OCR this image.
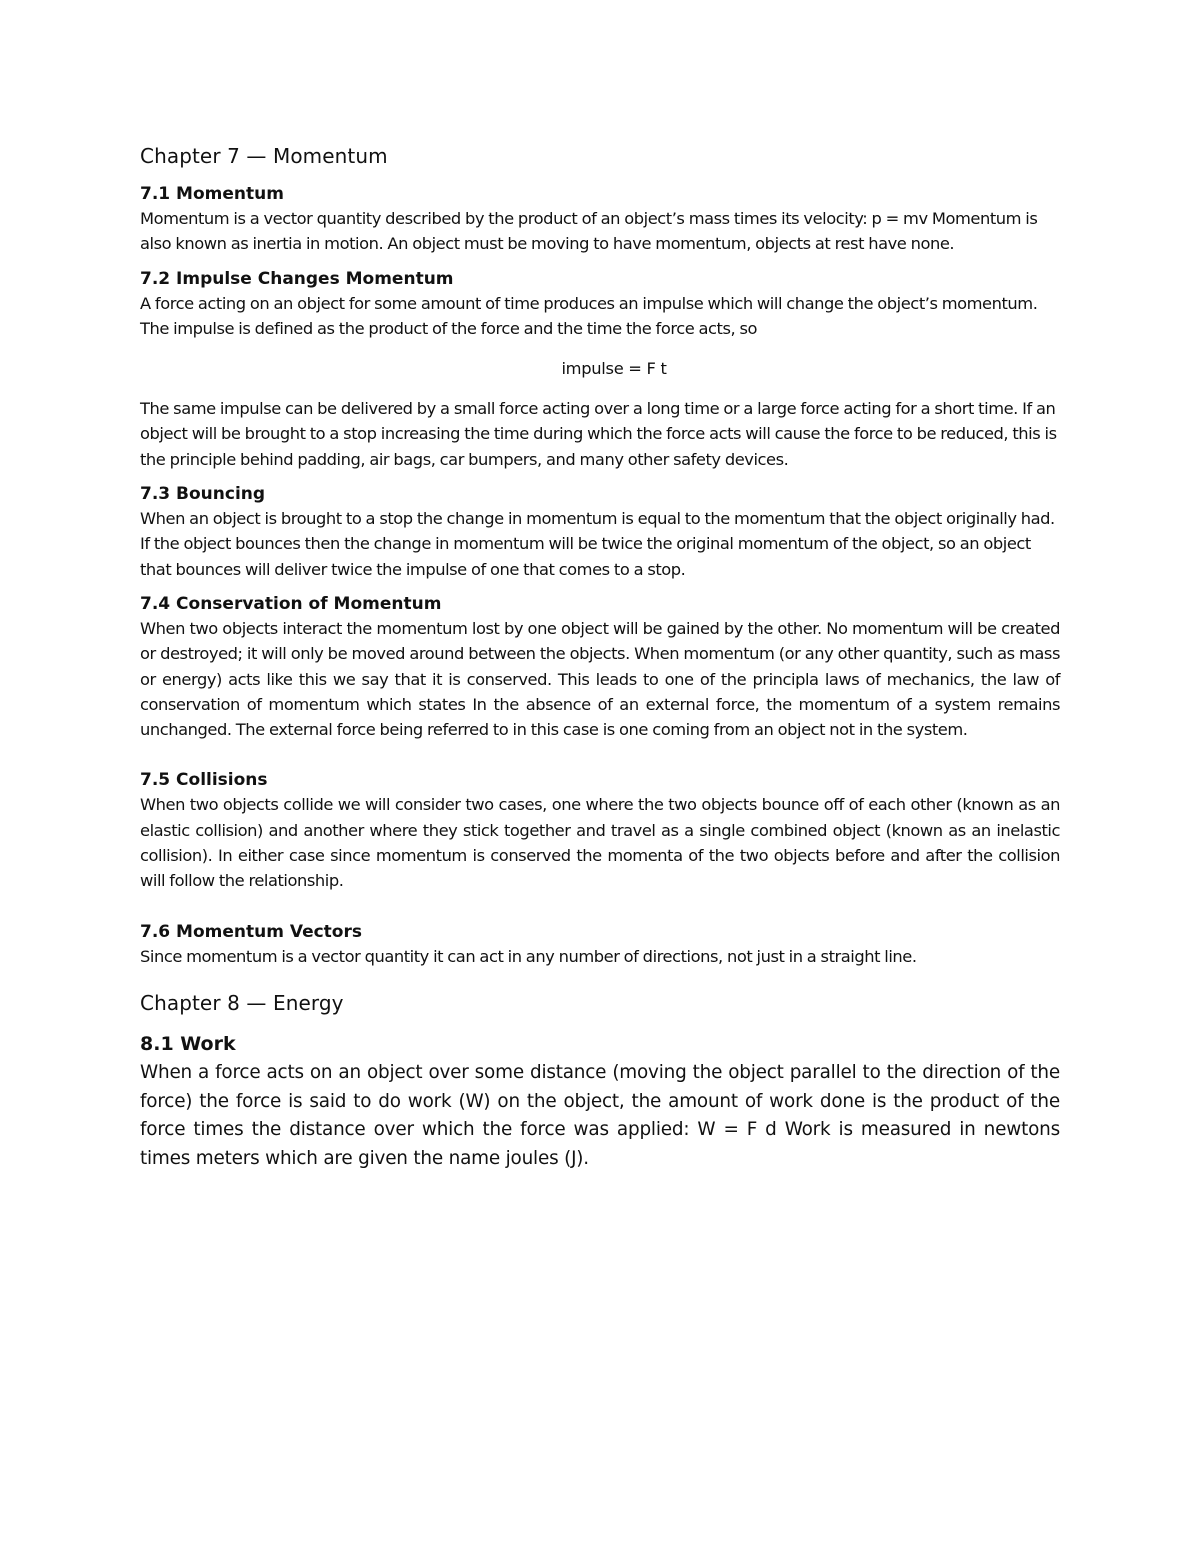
Chapter 7 — Momentum
7.1 Momentum

Momentum is a vector quantity described by the product of an object’s mass times its velocity: p = mv Momentum is also known as inertia in motion. An object must be moving to have momentum, objects at rest have none.

7.2 Impulse Changes Momentum

A force acting on an object for some amount of time produces an impulse which will change the object’s momentum. The impulse is defined as the product of the force and the time the force acts, so

impulse = F t

The same impulse can be delivered by a small force acting over a long time or a large force acting for a short time. If an object will be brought to a stop increasing the time during which the force acts will cause the force to be reduced, this is the principle behind padding, air bags, car bumpers, and many other safety devices.

7.3 Bouncing

When an object is brought to a stop the change in momentum is equal to the momentum that the object originally had. If the object bounces then the change in momentum will be twice the original momentum of the object, so an object that bounces will deliver twice the impulse of one that comes to a stop.

7.4 Conservation of Momentum

When two objects interact the momentum lost by one object will be gained by the other. No momentum will be created or destroyed; it will only be moved around between the objects. When momentum (or any other quantity, such as mass or energy) acts like this we say that it is conserved. This leads to one of the principla laws of mechanics, the law of conservation of momentum which states In the absence of an external force, the momentum of a system remains unchanged. The external force being referred to in this case is one coming from an object not in the system.

7.5 Collisions

When two objects collide we will consider two cases, one where the two objects bounce off of each other (known as an elastic collision) and another where they stick together and travel as a single combined object (known as an inelastic collision). In either case since momentum is conserved the momenta of the two objects before and after the collision will follow the relationship.

7.6 Momentum Vectors

Since momentum is a vector quantity it can act in any number of directions, not just in a straight line.

Chapter 8 — Energy
8.1 Work

When a force acts on an object over some distance (moving the object parallel to the direction of the force) the force is said to do work (W) on the object, the amount of work done is the product of the force times the distance over which the force was applied: W = F d Work is measured in newtons times meters which are given the name joules (J).
